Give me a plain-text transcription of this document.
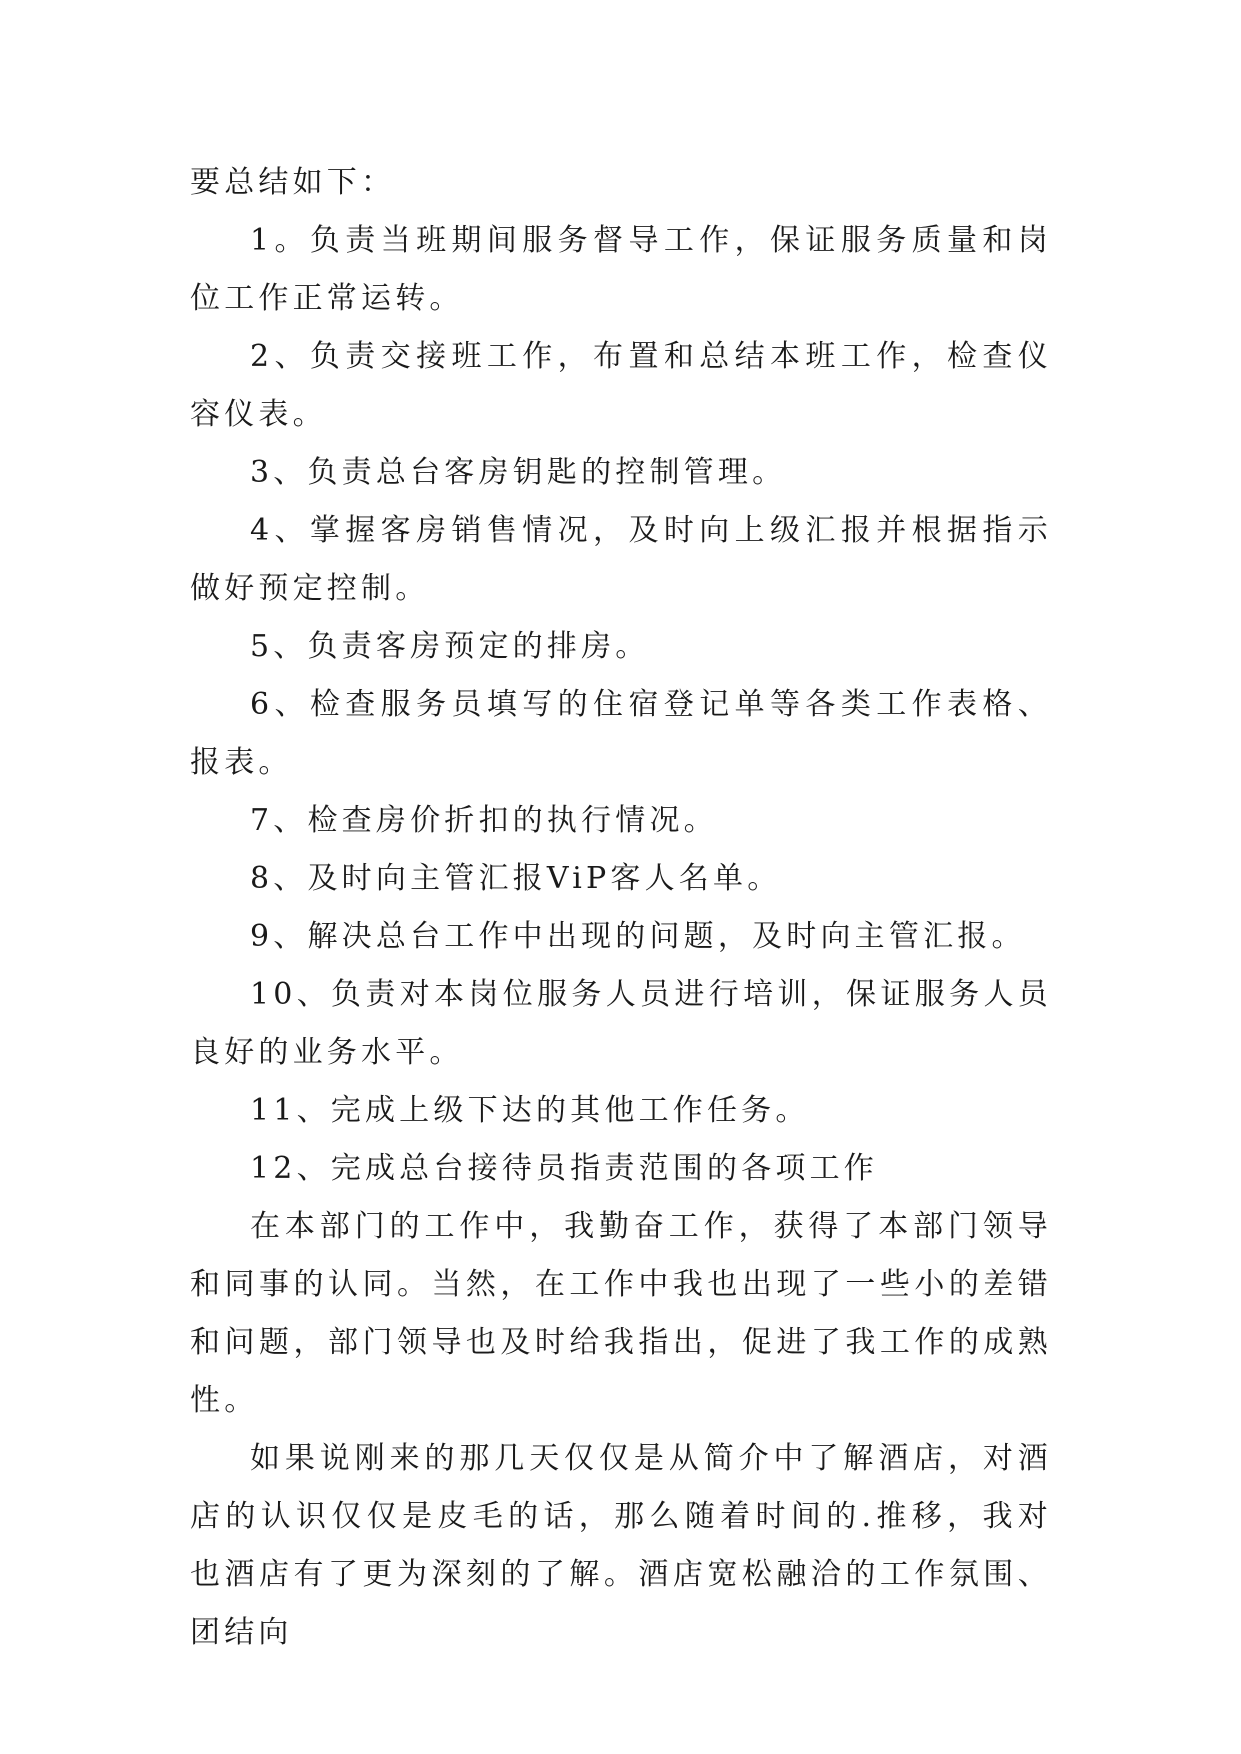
要总结如下：

1。负责当班期间服务督导工作，保证服务质量和岗位工作正常运转。

2、负责交接班工作，布置和总结本班工作，检查仪容仪表。

3、负责总台客房钥匙的控制管理。

4、掌握客房销售情况，及时向上级汇报并根据指示做好预定控制。

5、负责客房预定的排房。

6、检查服务员填写的住宿登记单等各类工作表格、报表。

7、检查房价折扣的执行情况。

8、及时向主管汇报ViP客人名单。

9、解决总台工作中出现的问题，及时向主管汇报。

10、负责对本岗位服务人员进行培训，保证服务人员良好的业务水平。

11、完成上级下达的其他工作任务。

12、完成总台接待员指责范围的各项工作

在本部门的工作中，我勤奋工作，获得了本部门领导和同事的认同。当然，在工作中我也出现了一些小的差错和问题，部门领导也及时给我指出，促进了我工作的成熟性。

如果说刚来的那几天仅仅是从简介中了解酒店，对酒店的认识仅仅是皮毛的话，那么随着时间的.推移，我对也酒店有了更为深刻的了解。酒店宽松融洽的工作氛围、团结向
